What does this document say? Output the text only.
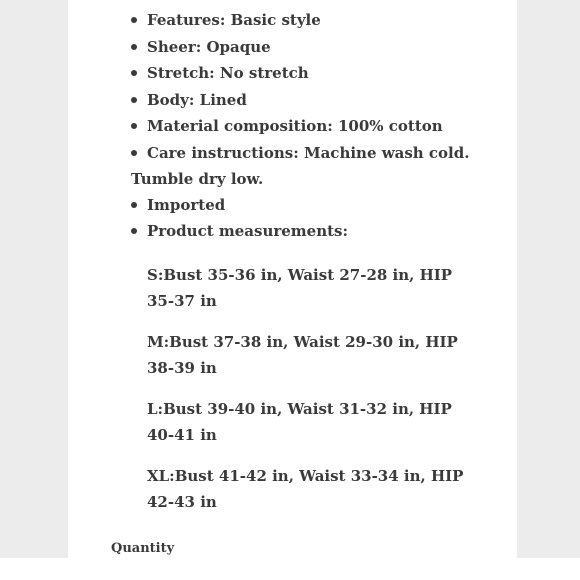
Features: Basic style
Sheer: Opaque
Stretch: No stretch
Body: Lined
Material composition: 100% cotton
Care instructions: Machine wash cold.
Tumble dry low.
Imported
Product measurements:
S:Bust 35-36 in, Waist 27-28 in, HIP 35-37 in
M:Bust 37-38 in, Waist 29-30 in, HIP 38-39 in
L:Bust 39-40 in, Waist 31-32 in, HIP 40-41 in
XL:Bust 41-42 in, Waist 33-34 in, HIP 42-43 in
Quantity
